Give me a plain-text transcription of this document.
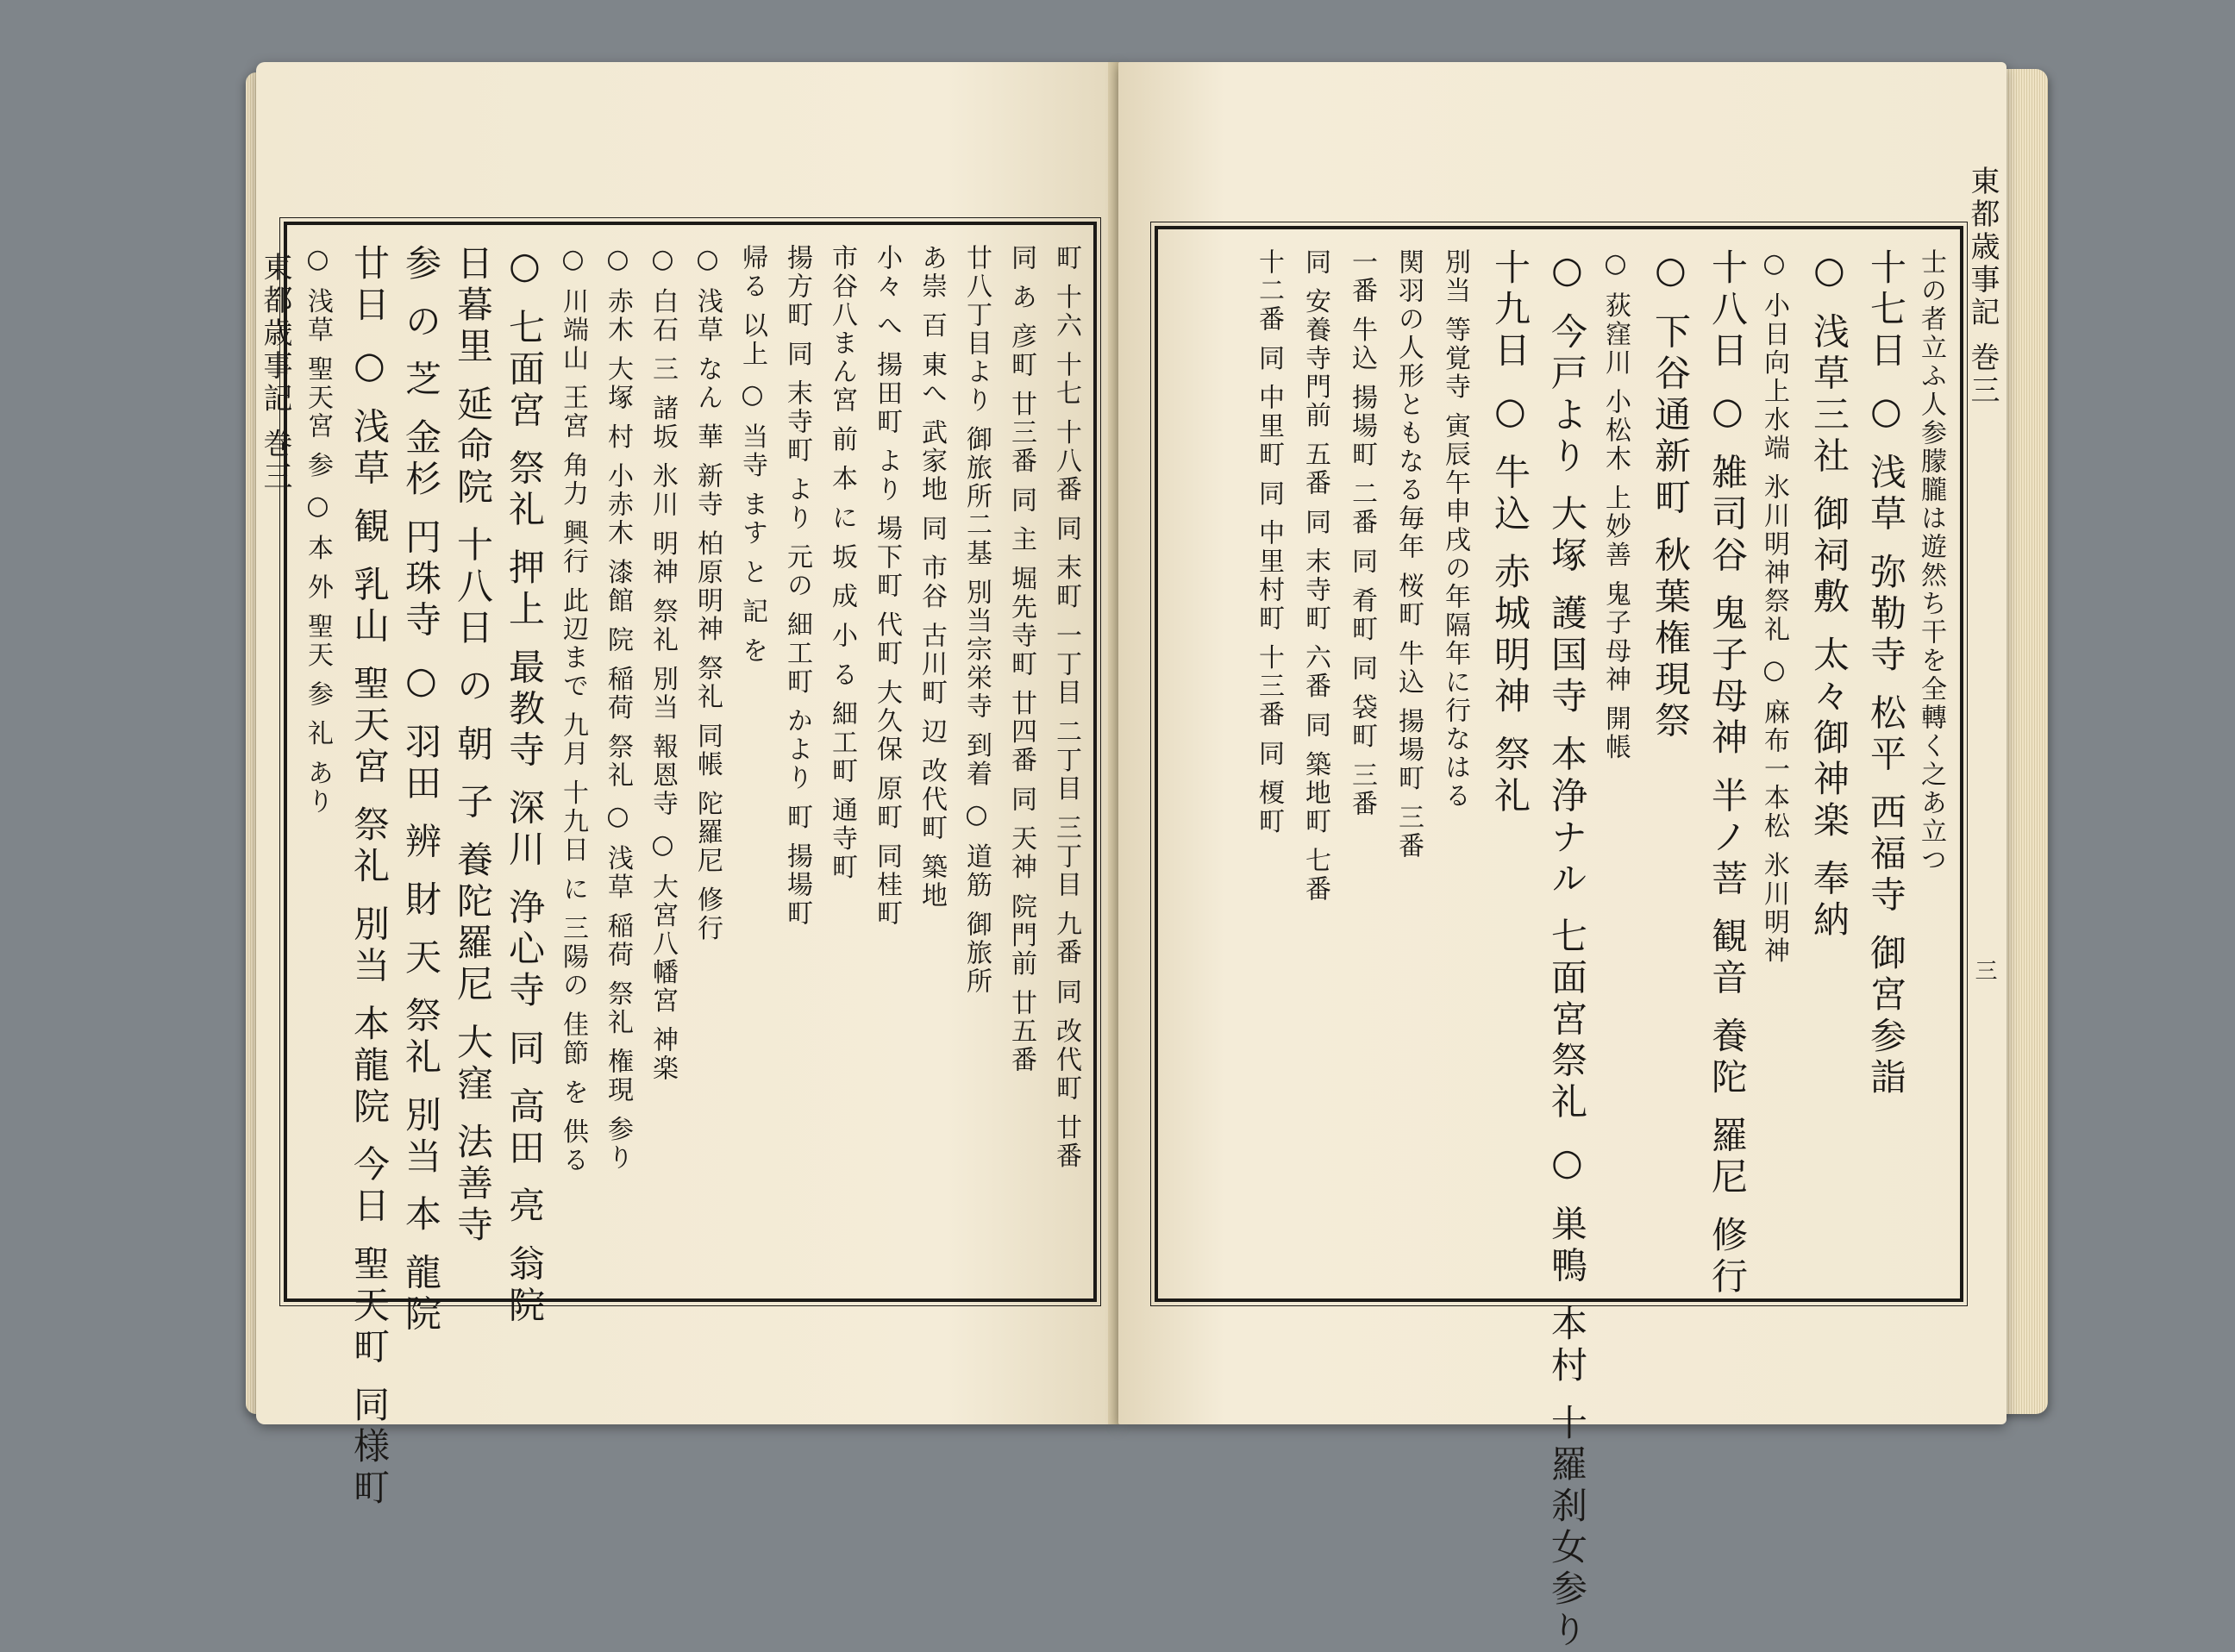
東都歳事記 巻三	町 十六 十七 十八番 同 末町 一丁目 二丁目 三丁目 九番 同 改代町 廿番
同 あ 彦町 廿三番 同 主 堀先寺町 廿四番 同 天神 院門前 廿五番
廿八丁目より 御旅所二基 別当宗栄寺 到着 ○ 道筋 御旅所
あ崇 百 東へ 武家地 同 市谷 古川町 辺 改代町 築地
小々 へ 揚田町 より 場下町 代町 大久保 原町 同桂町
市谷八まん宮 前 本 に 坂 成 小 る 細工町 通寺町
揚方町 同 末寺町 より 元の 細工町 かより 町 揚場町
帰る 以上 ○ 当寺 ます と 記 を
○ 浅草 なん 華 新寺 柏原明神 祭礼 同帳 陀羅尼 修行
○ 白石 三 諸坂 氷川 明神 祭礼 別当 報恩寺 ○ 大宮八幡宮 神楽
○ 赤木 大塚 村 小赤木 漆館 院 稲荷 祭礼 ○ 浅草 稲荷 祭礼 権現 参り
○ 川端山 王宮 角力 興行 此辺まで 九月 十九日 に 三陽の 佳節 を 供る
○ 七面宮 祭礼 押上 最教寺 深川 浄心寺 同 高田 亮 翁院
日暮里 延命院 十八日 の 朝 子 養陀羅尼 大窪 法善寺
参 の 芝 金杉 円珠寺 ○ 羽田 辨 財 天 祭礼 別当 本 龍院
廿日 ○ 浅草 観 乳山 聖天宮 祭礼 別当 本龍院 今日 聖天町 同様町
○ 浅草 聖天宮 参 ○ 本 外 聖天 参 礼 あり	東都歳事記 巻三
三
士の者立ふ人参朦朧は遊然ち干を全轉く之あ立つ
十七日 ○ 浅草 弥勒寺 松平 西福寺 御宮参詣
○ 浅草三社 御祠敷 太々御神楽 奉納
○ 小日向上水端 氷川明神祭礼 ○ 麻布一本松 氷川明神
十八日 ○ 雑司谷 鬼子母神 半ノ菩 観音 養陀 羅尼 修行
○ 下谷通新町 秋葉権現祭
○ 荻窪川 小松木 上妙善 鬼子母神 開帳
○ 今戸より 大塚 護国寺 本浄ナル 七面宮祭礼 ○ 巣鴨 本村 十羅刹女参り
十九日 ○ 牛込 赤城明神 祭礼
別当 等覚寺 寅辰午申戌の年隔年に行なはる
関羽の人形ともなる毎年 桜町 牛込 揚場町 三番
一番 牛込 揚場町 二番 同 肴町 同 袋町 三番
同 安養寺門前 五番 同 末寺町 六番 同 築地町 七番
十二番 同 中里町 同 中里村町 十三番 同 榎町
